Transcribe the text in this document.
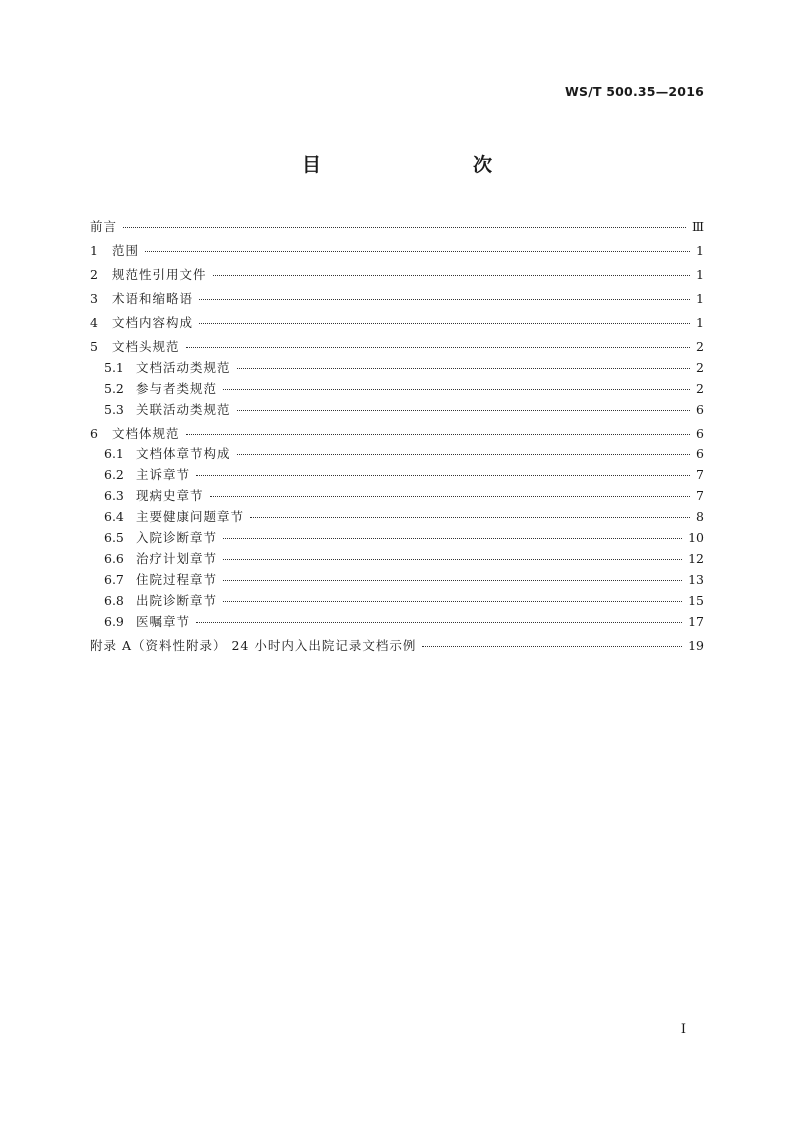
WS/T 500.35—2016
目　　次
前言	Ⅲ
1	范围	1
2	规范性引用文件	1
3	术语和缩略语	1
4	文档内容构成	1
5	文档头规范	2
5.1 文档活动类规范	2
5.2 参与者类规范	2
5.3 关联活动类规范	6
6	文档体规范	6
6.1 文档体章节构成	6
6.2 主诉章节	7
6.3 现病史章节	7
6.4 主要健康问题章节	8
6.5 入院诊断章节	10
6.6 治疗计划章节	12
6.7 住院过程章节	13
6.8 出院诊断章节	15
6.9 医嘱章节	17
附录 A（资料性附录） 24 小时内入出院记录文档示例	19
Ⅰ
